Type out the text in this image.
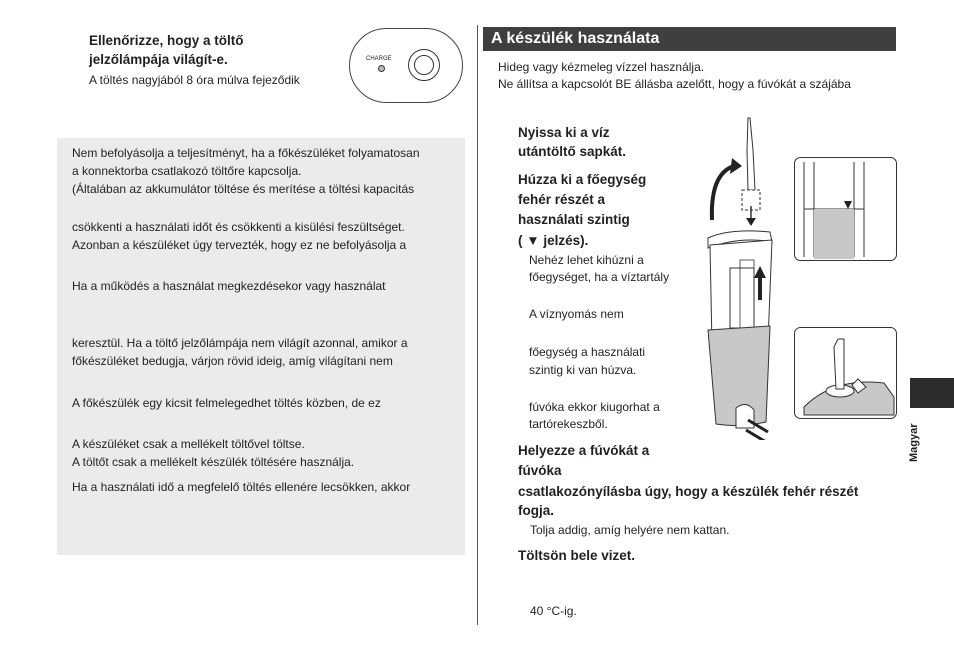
Ellenőrizze, hogy a töltő
jelzőlámpája világít-e.
A töltés nagyjából 8 óra múlva fejeződik
CHARGE
Nem befolyásolja a teljesítményt, ha a főkészüléket folyamatosan
a konnektorba csatlakozó töltőre kapcsolja.
(Általában az akkumulátor töltése és merítése a töltési kapacitás
csökkenti a használati időt és csökkenti a kisülési feszültséget.
Azonban a készüléket úgy tervezték, hogy ez ne befolyásolja a
Ha a működés a használat megkezdésekor vagy használat
keresztül. Ha a töltő jelzőlámpája nem világít azonnal, amikor a
főkészüléket bedugja, várjon rövid ideig, amíg világítani nem
A főkészülék egy kicsit felmelegedhet töltés közben, de ez
A készüléket csak a mellékelt töltővel töltse.
A töltőt csak a mellékelt készülék töltésére használja.
Ha a használati idő a megfelelő töltés ellenére lecsökken, akkor
A készülék használata
Hideg vagy kézmeleg vízzel használja.
Ne állítsa a kapcsolót BE állásba azelőtt, hogy a fúvókát a szájába
Nyissa ki a víz
utántöltő sapkát.
Húzza ki a főegység
fehér részét a
használati szintig
( ▼ jelzés).
Nehéz lehet kihúzni a
főegységet, ha a víztartály
A víznyomás nem
főegység a használati
szintig ki van húzva.
fúvóka ekkor kiugorhat a
tartórekeszből.
Helyezze a fúvókát a
fúvóka
csatlakozónyílásba úgy, hogy a készülék fehér részét
fogja.
Tolja addig, amíg helyére nem kattan.
Töltsön bele vizet.
40 °C-ig.
Magyar
